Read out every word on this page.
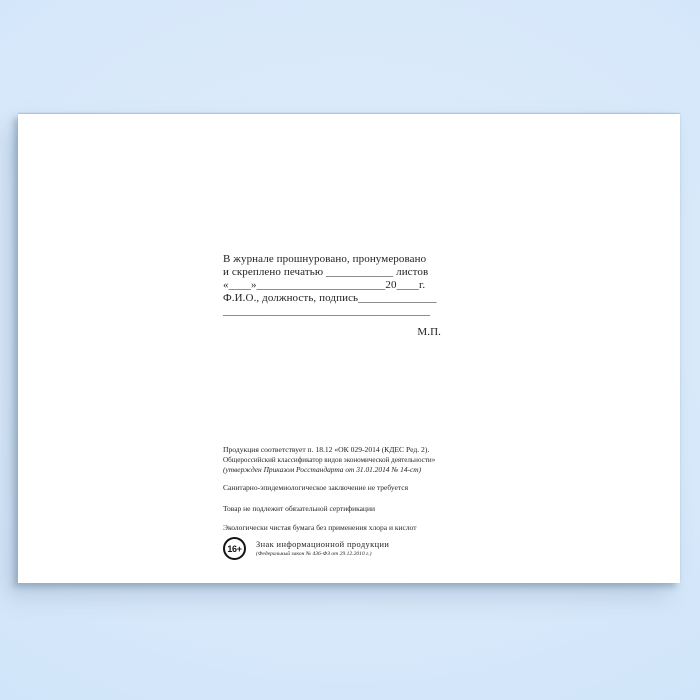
В журнале прошнуровано, пронумеровано
и скреплено печатью ____________ листов
«____»_______________________20____г.
Ф.И.О., должность, подпись______________
_____________________________________
М.П.
Продукция соответствует п. 18.12 «ОК 029-2014 (КДЕС Ред. 2).
Общероссийский классификатор видов экономической деятельности»
(утвержден Приказом Росстандарта от 31.01.2014 № 14-ст)
Санитарно-эпидемиологическое заключение не требуется
Товар не подлежит обязательной сертификации
Экологически чистая бумага без применения хлора и кислот
16+ Знак информационной продукции
(Федеральный закон № 436-ФЗ от 29.12.2010 г.)
